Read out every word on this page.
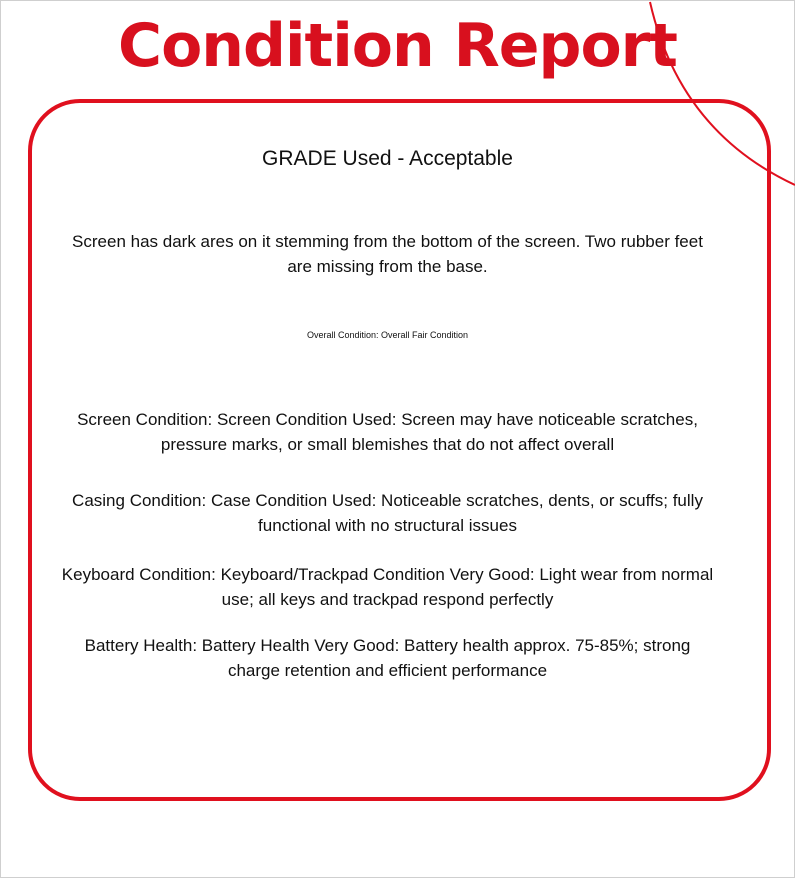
Condition Report
GRADE Used - Acceptable
Screen has dark ares on it stemming from the bottom of the screen. Two rubber feet are missing from the base.
Overall Condition: Overall Fair Condition
Screen Condition: Screen Condition Used: Screen may have noticeable scratches, pressure marks, or small blemishes that do not affect overall
Casing Condition: Case Condition Used: Noticeable scratches, dents, or scuffs; fully functional with no structural issues
Keyboard Condition: Keyboard/Trackpad Condition Very Good: Light wear from normal use; all keys and trackpad respond perfectly
Battery Health: Battery Health Very Good: Battery health approx. 75-85%; strong charge retention and efficient performance
